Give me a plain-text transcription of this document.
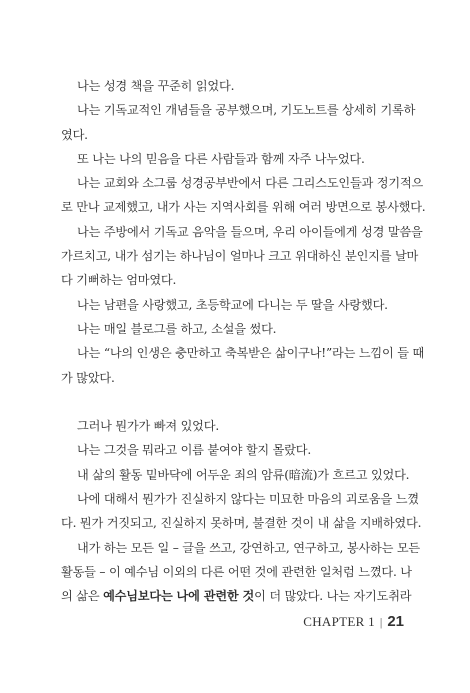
나는 성경 책을 꾸준히 읽었다.
나는 기독교적인 개념들을 공부했으며, 기도노트를 상세히 기록하
였다.
또 나는 나의 믿음을 다른 사람들과 함께 자주 나누었다.
나는 교회와 소그룹 성경공부반에서 다른 그리스도인들과 정기적으
로 만나 교제했고, 내가 사는 지역사회를 위해 여러 방면으로 봉사했다.
나는 주방에서 기독교 음악을 들으며, 우리 아이들에게 성경 말씀을
가르치고, 내가 섬기는 하나님이 얼마나 크고 위대하신 분인지를 날마
다 기뻐하는 엄마였다.
나는 남편을 사랑했고, 초등학교에 다니는 두 딸을 사랑했다.
나는 매일 블로그를 하고, 소설을 썼다.
나는 “나의 인생은 충만하고 축복받은 삶이구나!”라는 느낌이 들 때
가 많았다.
그러나 뭔가가 빠져 있었다.
나는 그것을 뭐라고 이름 붙여야 할지 몰랐다.
내 삶의 활동 밑바닥에 어두운 죄의 암류(暗流)가 흐르고 있었다.
나에 대해서 뭔가가 진실하지 않다는 미묘한 마음의 괴로움을 느꼈
다. 뭔가 거짓되고, 진실하지 못하며, 불결한 것이 내 삶을 지배하였다.
내가 하는 모든 일 – 글을 쓰고, 강연하고, 연구하고, 봉사하는 모든
활동들 – 이 예수님 이외의 다른 어떤 것에 관련한 일처럼 느꼈다. 나
의 삶은 예수님보다는 나에 관련한 것이 더 많았다. 나는 자기도취라
CHAPTER 1 | 21
